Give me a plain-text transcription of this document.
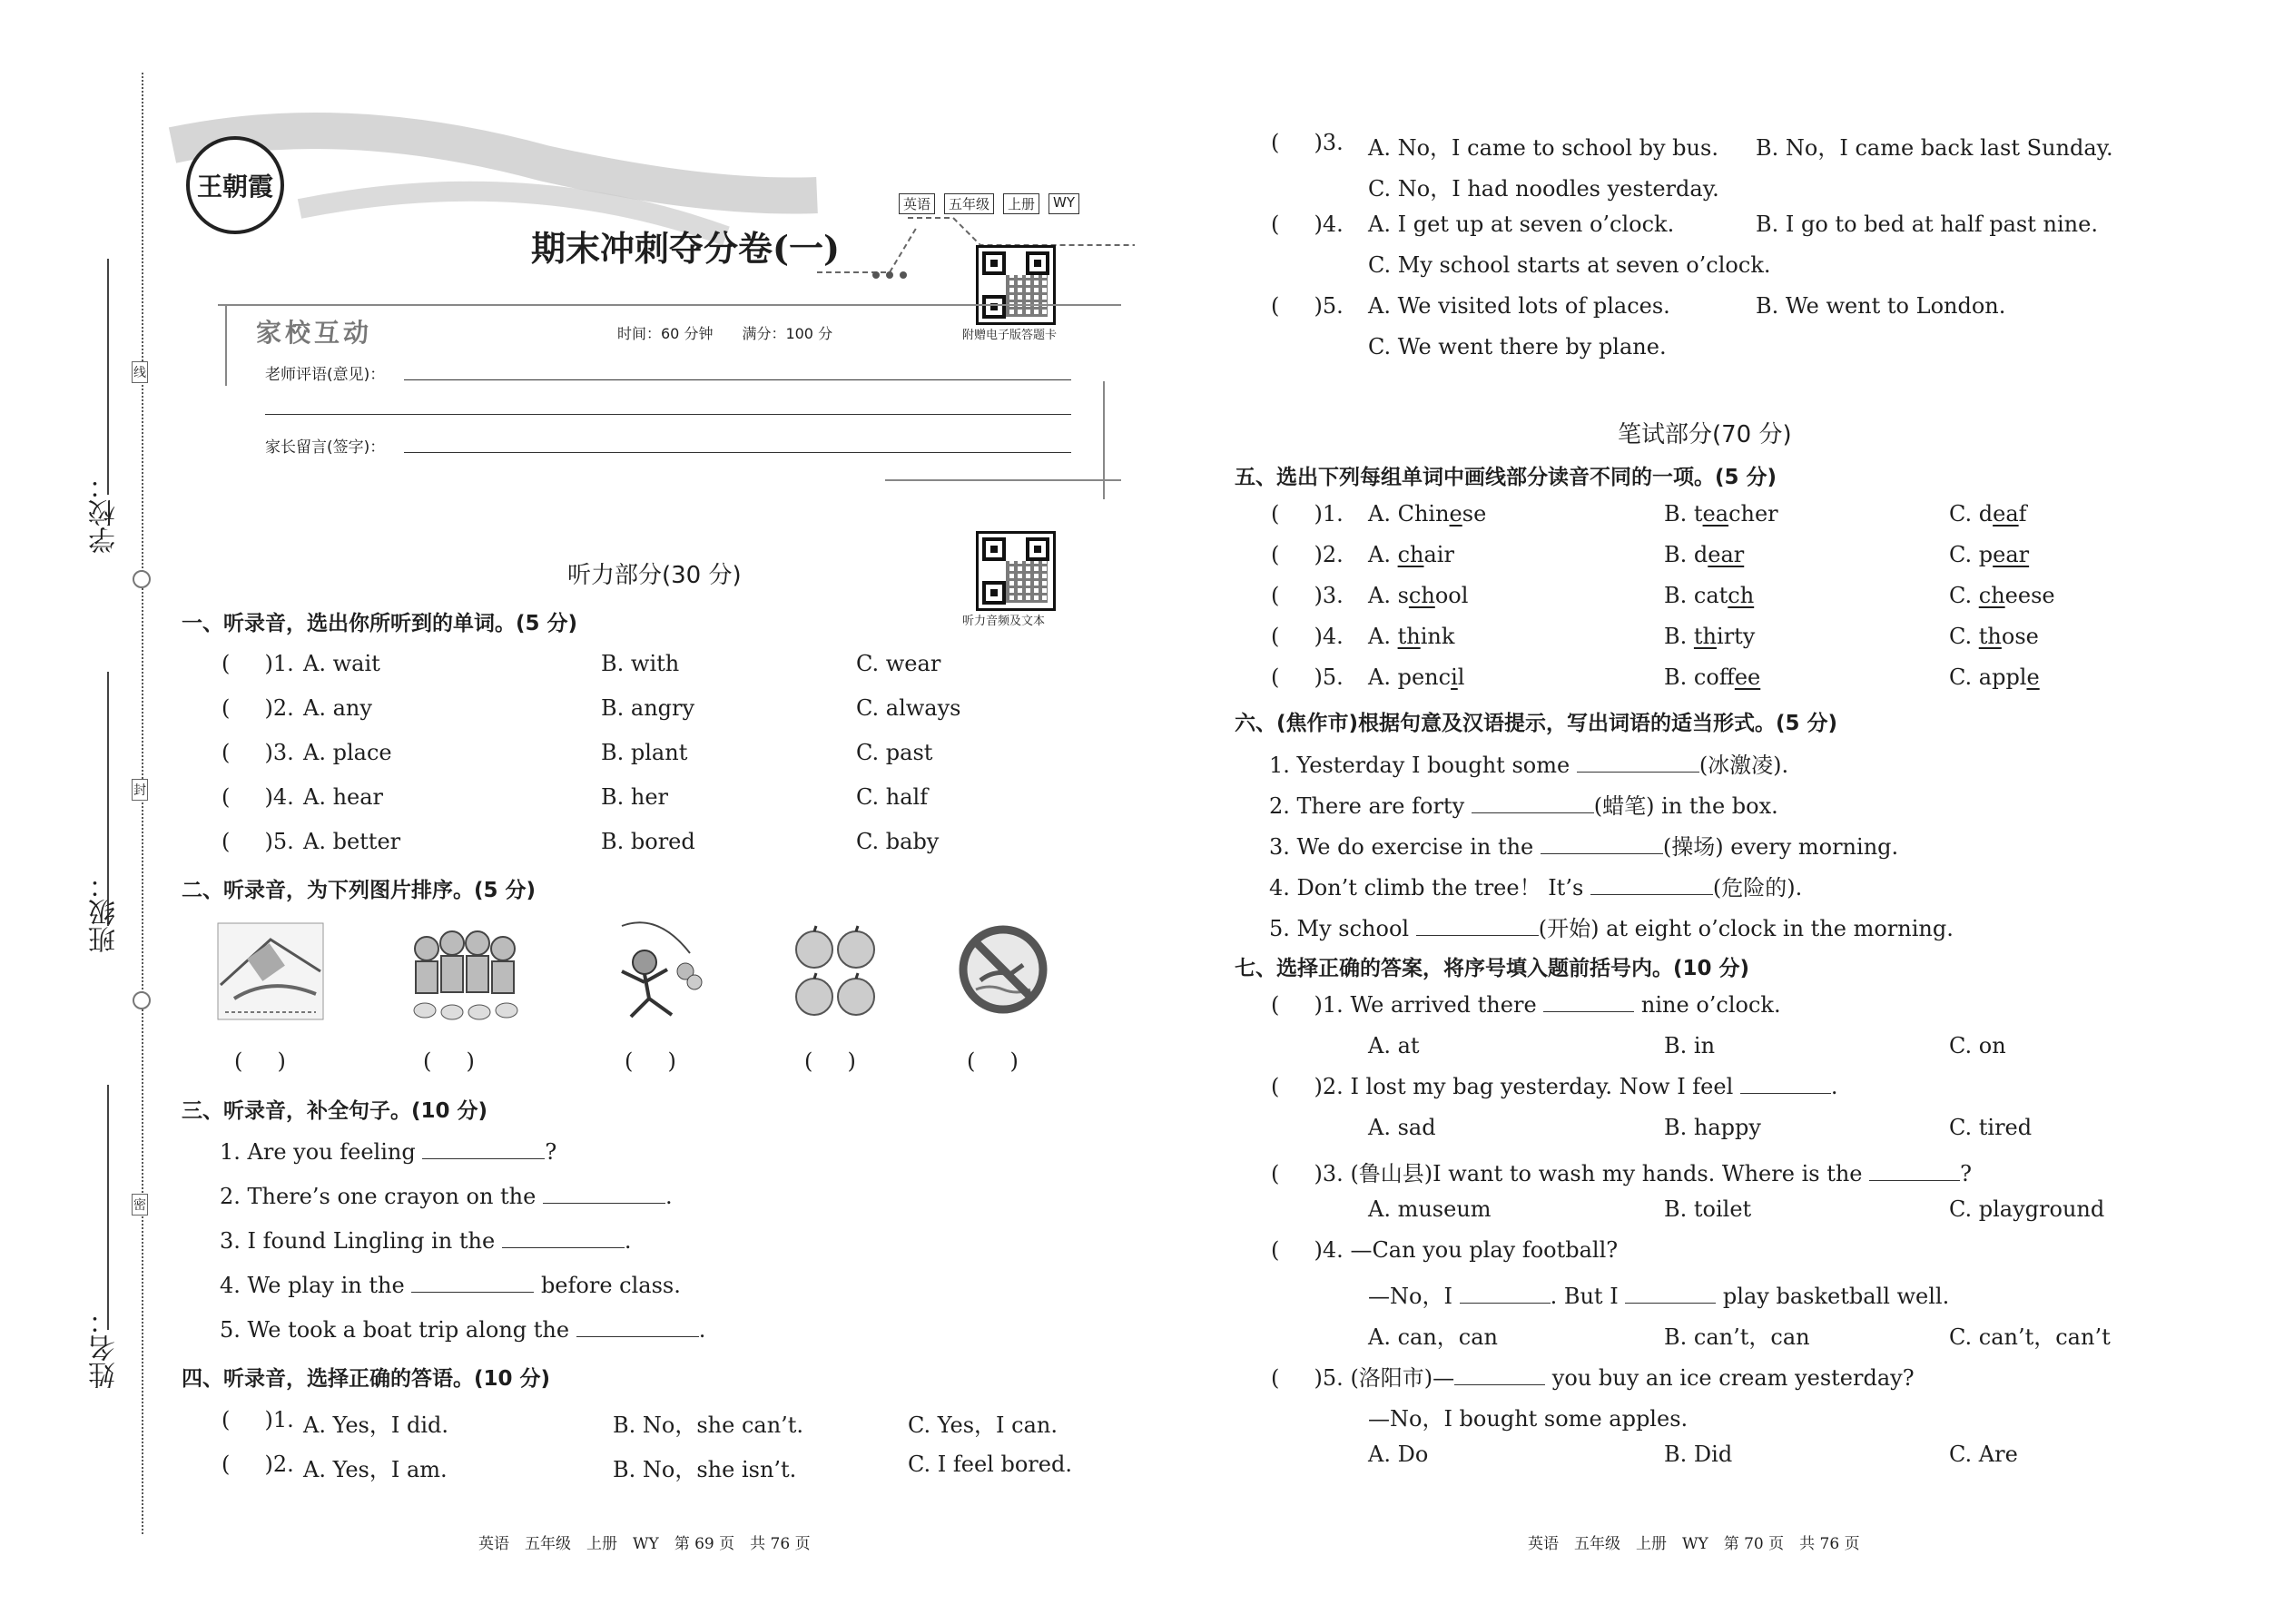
学校：
班级：
姓名：
线
封
密
王朝霞
英语	五年级	上册	WY
期末冲刺夺分卷(一)
附赠电子版答题卡
家校互动	时间：60 分钟　　满分：100 分
老师评语(意见)：
家长留言(签字)：
听力音频及文本
听力部分(30 分)
一、听录音，选出你所听到的单词。(5 分)
(     )1. A. wait	B. with	C. wear
(     )2. A. any	B. angry	C. always
(     )3. A. place	B. plant	C. past
(     )4. A. hear	B. her	C. half
(     )5. A. better	B. bored	C. baby
二、听录音，为下列图片排序。(5 分)
(     )	(     )	(     )	(     )	(     )
三、听录音，补全句子。(10 分)
1. Are you feeling	?
2. There’s one crayon on the	.
3. I found Lingling in the	.
4. We play in the	before class.
5. We took a boat trip along the	.
四、听录音，选择正确的答语。(10 分)
(     )1. A. Yes，I did.	B. No，she can’t.	C. Yes，I can.
(     )2. A. Yes，I am.	B. No，she isn’t.	C. I feel bored.
英语　五年级　上册　WY　第 69 页　共 76 页
(     )3. A. No，I came to school by bus. B. No，I came back last Sunday.
C. No，I had noodles yesterday.
(     )4. A. I get up at seven o’clock.	B. I go to bed at half past nine.
C. My school starts at seven o’clock.
(     )5. A. We visited lots of places.	B. We went to London.
C. We went there by plane.
笔试部分(70 分)
五、选出下列每组单词中画线部分读音不同的一项。(5 分)
(     )1. A. Chinese	B. teacher	C. deaf
(     )2. A. chair	B. dear	C. pear
(     )3. A. school	B. catch	C. cheese
(     )4. A. think	B. thirty	C. those
(     )5. A. pencil	B. coffee	C. apple
六、(焦作市)根据句意及汉语提示，写出词语的适当形式。(5 分)
1. Yesterday I bought some	(冰激凌).
2. There are forty	(蜡笔) in the box.
3. We do exercise in the	(操场) every morning.
4. Don’t climb the tree！ It’s	(危险的).
5. My school	(开始) at eight o’clock in the morning.
七、选择正确的答案，将序号填入题前括号内。(10 分)
(     )1. We arrived there	nine o’clock.
A. at	B. in	C. on
(     )2. I lost my bag yesterday. Now I feel	.
A. sad	B. happy	C. tired
(     )3. (鲁山县)I want to wash my hands. Where is the	?
A. museum	B. toilet	C. playground
(     )4. —Can you play football?
—No，I	. But I	play basketball well.
A. can，can	B. can’t，can	C. can’t，can’t
(     )5. (洛阳市)—	you buy an ice cream yesterday?
—No，I bought some apples.
A. Do	B. Did	C. Are
英语　五年级　上册　WY　第 70 页　共 76 页
